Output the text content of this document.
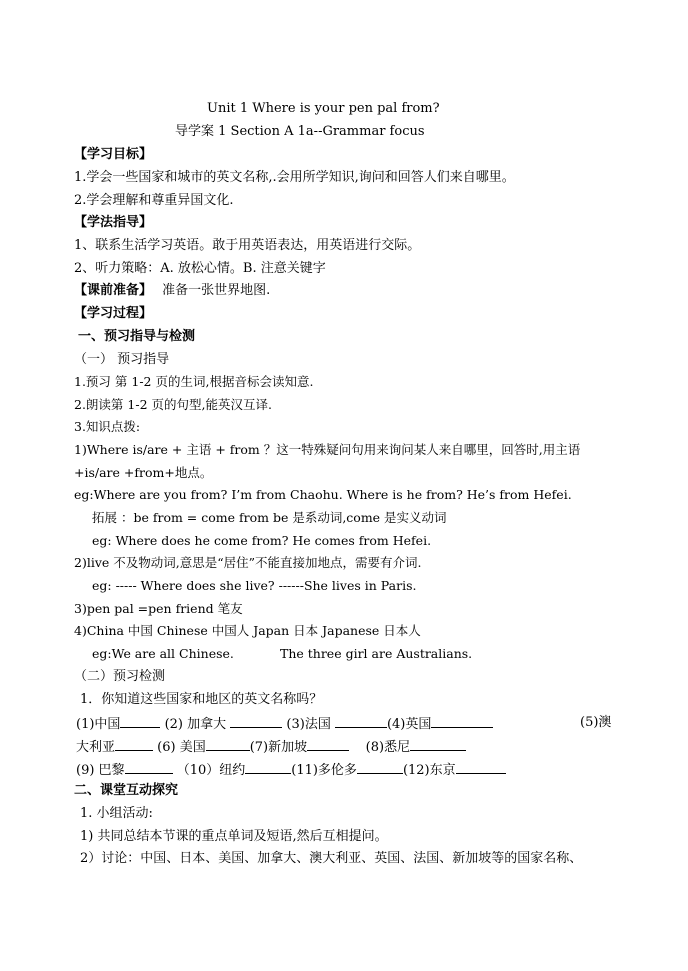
Unit 1 Where is your pen pal from?
导学案 1 Section A 1a--Grammar focus
【学习目标】
1.学会一些国家和城市的英文名称,.会用所学知识,询问和回答人们来自哪里。
2.学会理解和尊重异国文化.
【学法指导】
1、联系生活学习英语。敢于用英语表达，用英语进行交际。
2、听力策略：A. 放松心情。B. 注意关键字
【课前准备】 准备一张世界地图.
【学习过程】
一、预习指导与检测
（一） 预习指导
1.预习 第 1-2 页的生词,根据音标会读知意.
2.朗读第 1-2 页的句型,能英汉互译.
3.知识点拨:
1)Where is/are + 主语 + from ？这一特殊疑问句用来询问某人来自哪里，回答时,用主语
+is/are +from+地点。
eg:Where are you from? I’m from Chaohu. Where is he from? He’s from Hefei.
拓展 ：be from = come from be 是系动词,come 是实义动词
eg: Where does he come from? He comes from Hefei.
2)live 不及物动词,意思是“居住”不能直接加地点，需要有介词.
eg: ----- Where does she live? ------She lives in Paris.
3)pen pal =pen friend 笔友
4)China 中国 Chinese 中国人 Japan 日本 Japanese 日本人
eg:We are all Chinese.	The three girl are Australians.
（二）预习检测
1．你知道这些国家和地区的英文名称吗？
(1)中国	(2) 加拿大	(3)法国	(4)英国	(5)澳
大利亚	(6) 美国	(7)新加坡	(8)悉尼
(9) 巴黎	（10）纽约	(11)多伦多	(12)东京
二、课堂互动探究
1. 小组活动:
1) 共同总结本节课的重点单词及短语,然后互相提问。
2）讨论：中国、日本、美国、加拿大、澳大利亚、英国、法国、新加坡等的国家名称、
